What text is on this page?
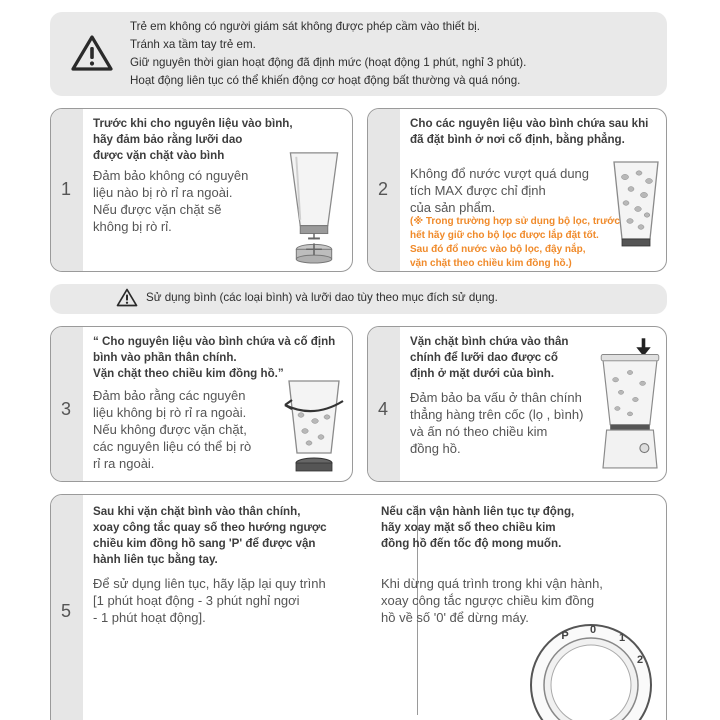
Trẻ em không có người giám sát không được phép cầm vào thiết bị.
Tránh xa tầm tay trẻ em.
Giữ nguyên thời gian hoạt động đã định mức (hoạt động 1 phút, nghỉ 3 phút).
Hoạt động liên tục có thể khiến động cơ hoạt động bất thường và quá nóng.
1
Trước khi cho nguyên liệu vào bình,
hãy đảm bảo rằng lưỡi dao
được vặn chặt vào bình
Đảm bảo không có nguyên
liệu nào bị rò rỉ ra ngoài.
Nếu được vặn chặt sẽ
không bị rò rỉ.
2
Cho các nguyên liệu vào bình chứa sau khi
đã đặt bình ở nơi cố định, bằng phẳng.
Không đổ nước vượt quá dung
tích MAX được chỉ định
của sản phẩm.
(※ Trong trường hợp sử dụng bộ lọc, trước
hết hãy giữ cho bộ lọc được lắp đặt tốt.
Sau đó đổ nước vào bộ lọc, đậy nắp,
vặn chặt theo chiều kim đồng hồ.)
Sử dụng bình (các loại bình) và lưỡi dao tùy theo mục đích sử dụng.
3
“ Cho nguyên liệu vào bình chứa và cố định
bình vào phần thân chính.
Vặn chặt theo chiều kim đồng hồ.”
Đảm bảo rằng các nguyên
liệu không bị rò rỉ ra ngoài.
Nếu không được vặn chặt,
các nguyên liệu có thể bị rò
rỉ ra ngoài.
4
Vặn chặt bình chứa vào thân
chính để lưỡi dao được cố
định ở mặt dưới của bình.
Đảm bảo ba vấu ở thân chính
thẳng hàng trên cốc (lọ , bình)
và ấn nó theo chiều kim
đồng hồ.
5
Sau khi vặn chặt bình vào thân chính,
xoay công tắc quay số theo hướng ngược
chiều kim đồng hồ sang 'P' để được vận
hành liên tục bằng tay.
Để sử dụng liên tục, hãy lặp lại quy trình
[1 phút hoạt động - 3 phút nghỉ ngơi
- 1 phút hoạt động].
Nếu cần vận hành liên tục tự động,
hãy xoay mặt số theo chiều kim
đồng hồ đến tốc độ mong muốn.
Khi dừng quá trình trong khi vận hành,
xoay công tắc ngược chiều kim đồng
hồ về số '0' để dừng máy.
P 0
1
2
